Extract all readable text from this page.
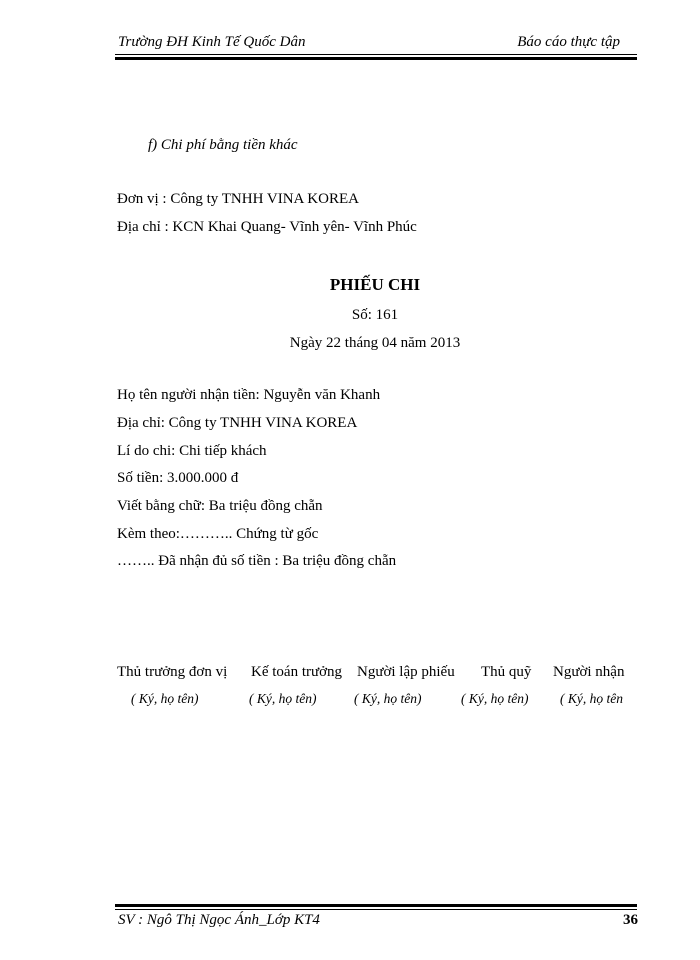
Trường ĐH Kinh Tế Quốc Dân	Báo cáo thực tập
f) Chi phí bằng tiền khác
Đơn vị : Công ty TNHH VINA KOREA
Địa chỉ : KCN Khai Quang- Vĩnh yên- Vĩnh Phúc
PHIẾU CHI
Số: 161
Ngày 22 tháng 04 năm 2013
Họ tên người nhận tiền: Nguyễn văn Khanh
Địa chỉ: Công ty TNHH VINA KOREA
Lí do chi: Chi tiếp khách
Số tiền: 3.000.000 đ
Viết bằng chữ: Ba triệu đồng chẵn
Kèm theo:……….. Chứng từ gốc
…….. Đã nhận đủ số tiền : Ba triệu đồng chẵn
Thủ trưởng đơn vị Kế toán trưởng Người lập phiếu Thủ quỹ Người nhận
( Ký, họ tên)	( Ký, họ tên)	( Ký, họ tên)	( Ký, họ tên) ( Ký, họ tên
SV : Ngô Thị Ngọc Ánh_Lớp KT4	36
